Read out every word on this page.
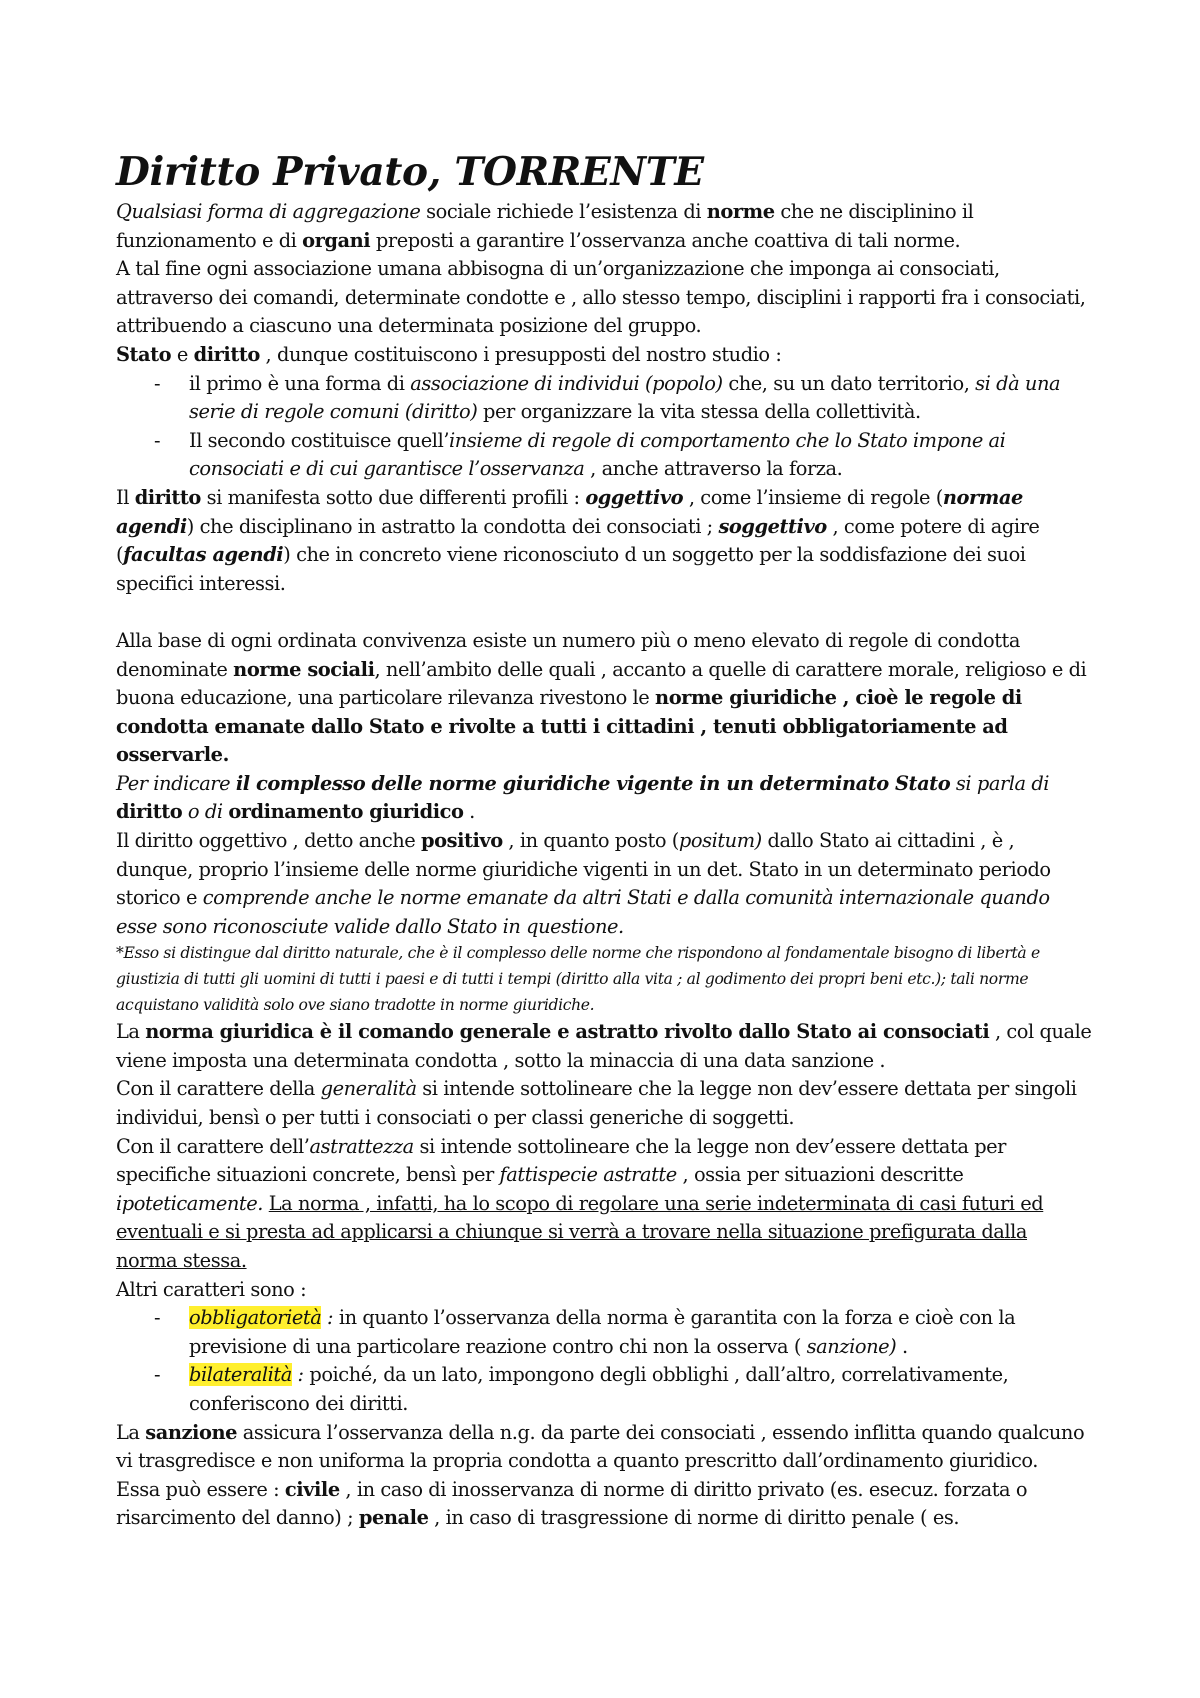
Diritto Privato, TORRENTE

Qualsiasi forma di aggregazione sociale richiede l’esistenza di norme che ne disciplinino il funzionamento e di organi preposti a garantire l’osservanza anche coattiva di tali norme.

A tal fine ogni associazione umana abbisogna di un’organizzazione che imponga ai consociati, attraverso dei comandi, determinate condotte e , allo stesso tempo, disciplini i rapporti fra i consociati, attribuendo a ciascuno una determinata posizione del gruppo.

Stato e diritto , dunque costituiscono i presupposti del nostro studio :

- il primo è una forma di associazione di individui (popolo) che, su un dato territorio, si dà una serie di regole comuni (diritto) per organizzare la vita stessa della collettività.
- Il secondo costituisce quell’insieme di regole di comportamento che lo Stato impone ai consociati e di cui garantisce l’osservanza , anche attraverso la forza.

Il diritto si manifesta sotto due differenti profili : oggettivo , come l’insieme di regole (normae agendi) che disciplinano in astratto la condotta dei consociati ; soggettivo , come potere di agire (facultas agendi) che in concreto viene riconosciuto d un soggetto per la soddisfazione dei suoi specifici interessi.

Alla base di ogni ordinata convivenza esiste un numero più o meno elevato di regole di condotta denominate norme sociali, nell’ambito delle quali , accanto a quelle di carattere morale, religioso e di buona educazione, una particolare rilevanza rivestono le norme giuridiche , cioè le regole di condotta emanate dallo Stato e rivolte a tutti i cittadini , tenuti obbligatoriamente ad osservarle.

Per indicare il complesso delle norme giuridiche vigente in un determinato Stato si parla di diritto o di ordinamento giuridico .

Il diritto oggettivo , detto anche positivo , in quanto posto (positum) dallo Stato ai cittadini , è , dunque, proprio l’insieme delle norme giuridiche vigenti in un det. Stato in un determinato periodo storico e comprende anche le norme emanate da altri Stati e dalla comunità internazionale quando esse sono riconosciute valide dallo Stato in questione.

*Esso si distingue dal diritto naturale, che è il complesso delle norme che rispondono al fondamentale bisogno di libertà e giustizia di tutti gli uomini di tutti i paesi e di tutti i tempi (diritto alla vita ; al godimento dei propri beni etc.); tali norme acquistano validità solo ove siano tradotte in norme giuridiche.

La norma giuridica è il comando generale e astratto rivolto dallo Stato ai consociati , col quale viene imposta una determinata condotta , sotto la minaccia di una data sanzione .

Con il carattere della generalità si intende sottolineare che la legge non dev’essere dettata per singoli individui, bensì o per tutti i consociati o per classi generiche di soggetti.

Con il carattere dell’astrattezza si intende sottolineare che la legge non dev’essere dettata per specifiche situazioni concrete, bensì per fattispecie astratte , ossia per situazioni descritte ipoteticamente. La norma , infatti, ha lo scopo di regolare una serie indeterminata di casi futuri ed eventuali e si presta ad applicarsi a chiunque si verrà a trovare nella situazione prefigurata dalla norma stessa.

Altri caratteri sono :

- obbligatorietà : in quanto l’osservanza della norma è garantita con la forza e cioè con la previsione di una particolare reazione contro chi non la osserva ( sanzione) .
- bilateralità : poiché, da un lato, impongono degli obblighi , dall’altro, correlativamente, conferiscono dei diritti.

La sanzione assicura l’osservanza della n.g. da parte dei consociati , essendo inflitta quando qualcuno vi trasgredisce e non uniforma la propria condotta a quanto prescritto dall’ordinamento giuridico.

Essa può essere : civile , in caso di inosservanza di norme di diritto privato (es. esecuz. forzata o risarcimento del danno) ; penale , in caso di trasgressione di norme di diritto penale ( es.
